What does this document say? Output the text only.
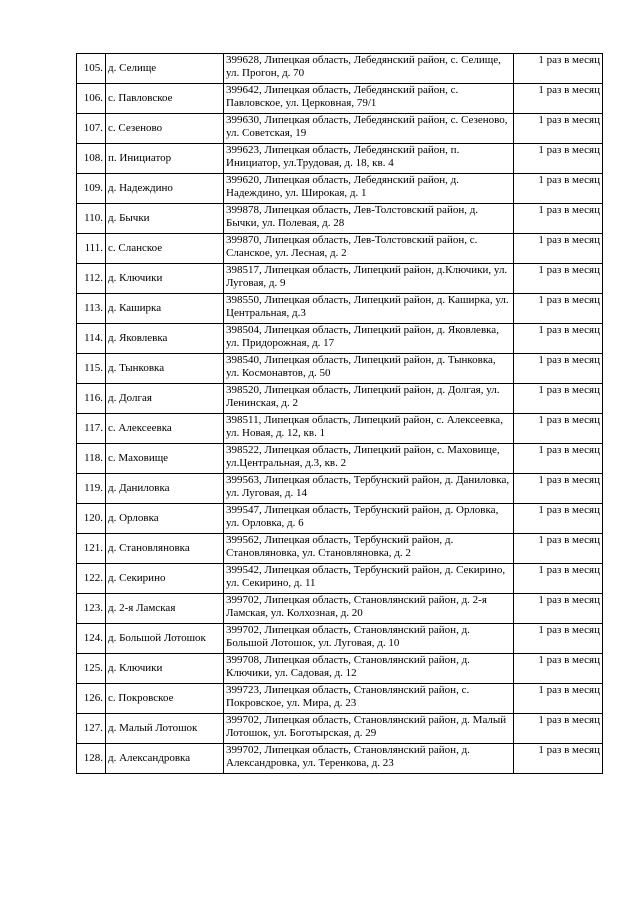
105.	д. Селище	399628, Липецкая область, Лебедянский район, с. Селище, ул. Прогон, д. 70	1 раз в месяц
106.	с. Павловское	399642, Липецкая область, Лебедянский район, с. Павловское, ул. Церковная, 79/1	1 раз в месяц
107.	с. Сезеново	399630, Липецкая область, Лебедянский район, с. Сезеново, ул. Советская, 19	1 раз в месяц
108.	п. Инициатор	399623, Липецкая область, Лебедянский район, п. Инициатор, ул.Трудовая, д. 18, кв. 4	1 раз в месяц
109.	д. Надеждино	399620, Липецкая область, Лебедянский район, д. Надеждино, ул. Широкая, д. 1	1 раз в месяц
110.	д. Бычки	399878, Липецкая область, Лев-Толстовский район, д. Бычки, ул. Полевая, д. 28	1 раз в месяц
111.	с. Сланское	399870, Липецкая область, Лев-Толстовский район, с. Сланское, ул. Лесная, д. 2	1 раз в месяц
112.	д. Ключики	398517, Липецкая область, Липецкий район, д.Ключики, ул. Луговая, д. 9	1 раз в месяц
113.	д. Каширка	398550, Липецкая область, Липецкий район, д. Каширка, ул. Центральная, д.3	1 раз в месяц
114.	д. Яковлевка	398504, Липецкая область, Липецкий район, д. Яковлевка, ул. Придорожная, д. 17	1 раз в месяц
115.	д. Тынковка	398540, Липецкая область, Липецкий район, д. Тынковка, ул. Космонавтов, д. 50	1 раз в месяц
116.	д. Долгая	398520, Липецкая область, Липецкий район, д. Долгая, ул. Ленинская, д. 2	1 раз в месяц
117.	с. Алексеевка	398511, Липецкая область, Липецкий район, с. Алексеевка, ул. Новая, д. 12, кв. 1	1 раз в месяц
118.	с. Маховище	398522, Липецкая область, Липецкий район, с. Маховище, ул.Центральная, д.3, кв. 2	1 раз в месяц
119.	д. Даниловка	399563, Липецкая область, Тербунский район, д. Даниловка, ул. Луговая, д. 14	1 раз в месяц
120.	д. Орловка	399547, Липецкая область, Тербунский район, д. Орловка, ул. Орловка, д. 6	1 раз в месяц
121.	д. Становляновка	399562, Липецкая область, Тербунский район, д. Становляновка, ул. Становляновка, д. 2	1 раз в месяц
122.	д. Секирино	399542, Липецкая область, Тербунский район, д. Секирино, ул. Секирино, д. 11	1 раз в месяц
123.	д. 2-я Ламская	399702, Липецкая область, Становлянский район, д. 2-я Ламская, ул. Колхозная, д. 20	1 раз в месяц
124.	д. Большой Лотошок	399702, Липецкая область, Становлянский район, д. Большой Лотошок, ул. Луговая, д. 10	1 раз в месяц
125.	д. Ключики	399708, Липецкая область, Становлянский район, д. Ключики, ул. Садовая, д. 12	1 раз в месяц
126.	с. Покровское	399723, Липецкая область, Становлянский район, с. Покровское, ул. Мира, д. 23	1 раз в месяц
127.	д. Малый Лотошок	399702, Липецкая область, Становлянский район, д. Малый Лотошок, ул. Боготырская, д. 29	1 раз в месяц
128.	д. Александровка	399702, Липецкая область, Становлянский район, д. Александровка, ул. Теренкова, д. 23	1 раз в месяц
